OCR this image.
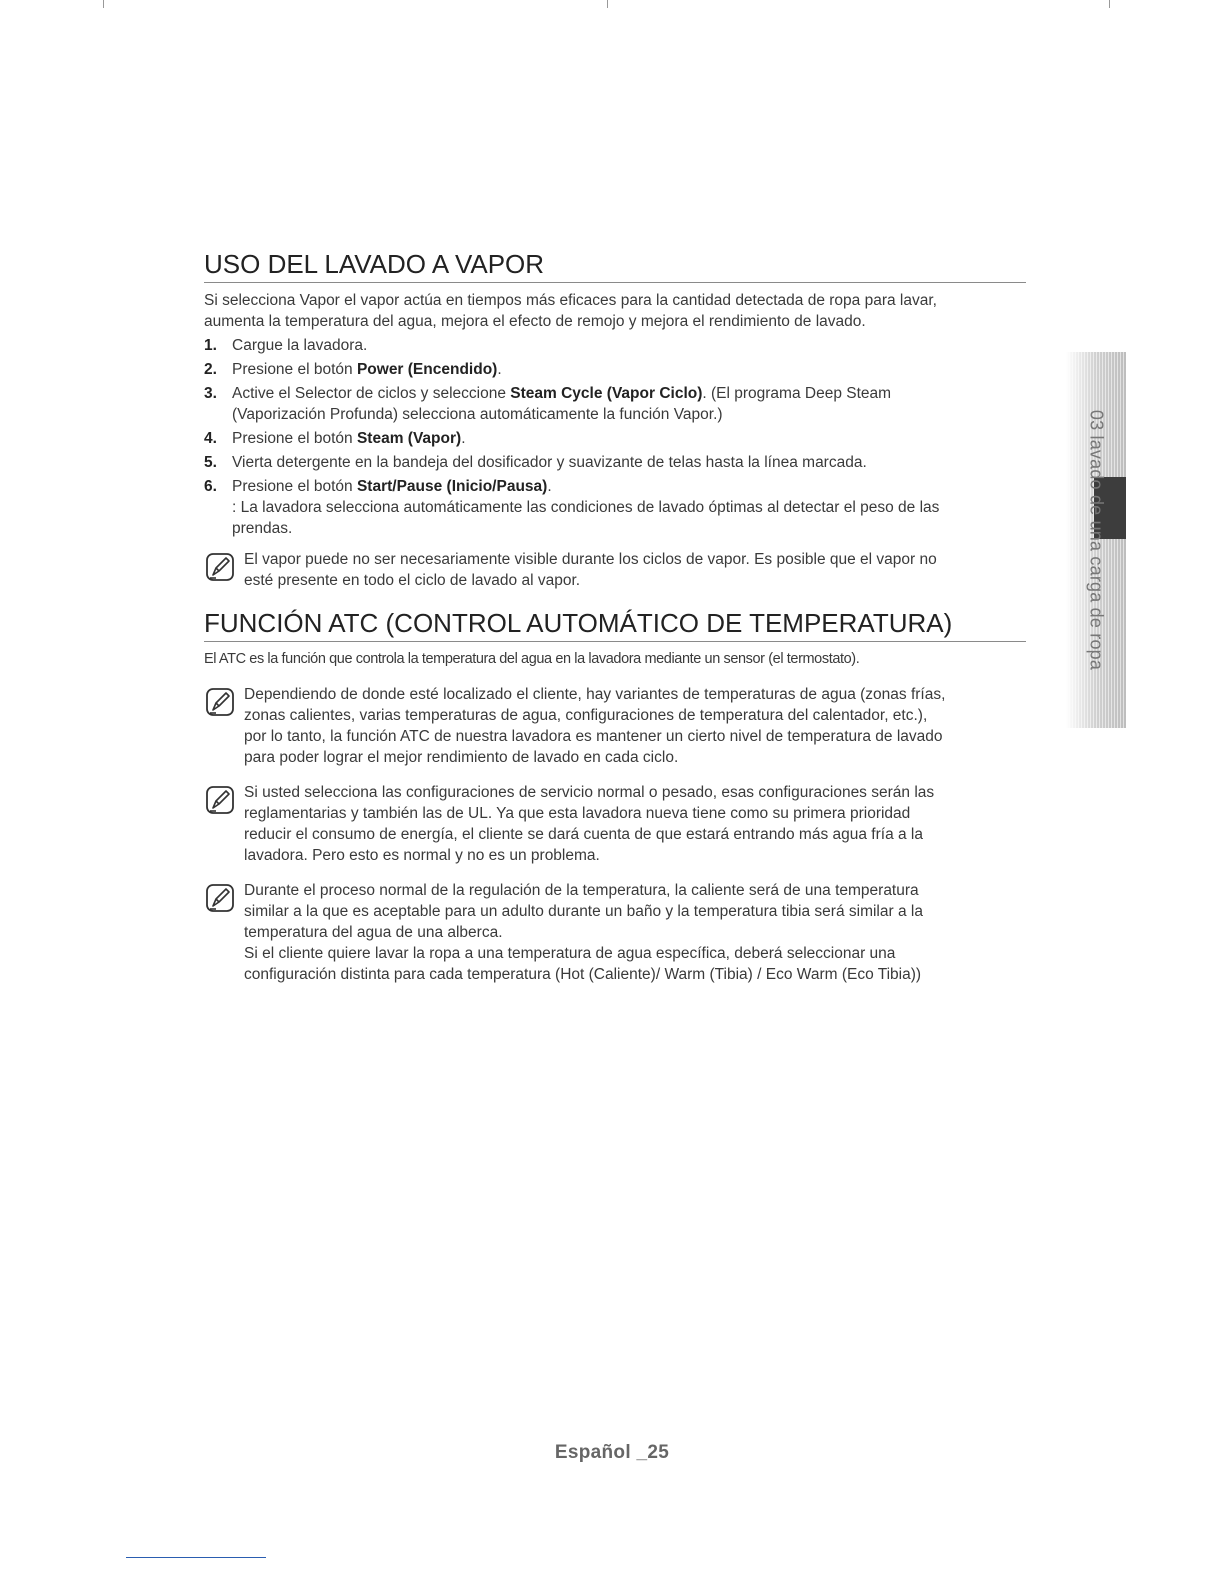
USO DEL LAVADO A VAPOR

Si selecciona Vapor el vapor actúa en tiempos más eficaces para la cantidad detectada de ropa para lavar,
aumenta la temperatura del agua, mejora el efecto de remojo y mejora el rendimiento de lavado.

1. Cargue la lavadora.
2. Presione el botón Power (Encendido).
3. Active el Selector de ciclos y seleccione Steam Cycle (Vapor Ciclo). (El programa Deep Steam
(Vaporización Profunda) selecciona automáticamente la función Vapor.)
4. Presione el botón Steam (Vapor).
5. Vierta detergente en la bandeja del dosificador y suavizante de telas hasta la línea marcada.
6. Presione el botón Start/Pause (Inicio/Pausa).
: La lavadora selecciona automáticamente las condiciones de lavado óptimas al detectar el peso de las
prendas.
El vapor puede no ser necesariamente visible durante los ciclos de vapor. Es posible que el vapor no
esté presente en todo el ciclo de lavado al vapor.
FUNCIÓN ATC (CONTROL AUTOMÁTICO DE TEMPERATURA)

El ATC es la función que controla la temperatura del agua en la lavadora mediante un sensor (el termostato).

Dependiendo de donde esté localizado el cliente, hay variantes de temperaturas de agua (zonas frías,
zonas calientes, varias temperaturas de agua, configuraciones de temperatura del calentador, etc.),
por lo tanto, la función ATC de nuestra lavadora es mantener un cierto nivel de temperatura de lavado
para poder lograr el mejor rendimiento de lavado en cada ciclo.
Si usted selecciona las configuraciones de servicio normal o pesado, esas configuraciones serán las
reglamentarias y también las de UL. Ya que esta lavadora nueva tiene como su primera prioridad
reducir el consumo de energía, el cliente se dará cuenta de que estará entrando más agua fría a la
lavadora. Pero esto es normal y no es un problema.
Durante el proceso normal de la regulación de la temperatura, la caliente será de una temperatura
similar a la que es aceptable para un adulto durante un baño y la temperatura tibia será similar a la
temperatura del agua de una alberca.
Si el cliente quiere lavar la ropa a una temperatura de agua específica, deberá seleccionar una
configuración distinta para cada temperatura (Hot (Caliente)/ Warm (Tibia) / Eco Warm (Eco Tibia))
03 lavado de una carga de ropa
Español _25
